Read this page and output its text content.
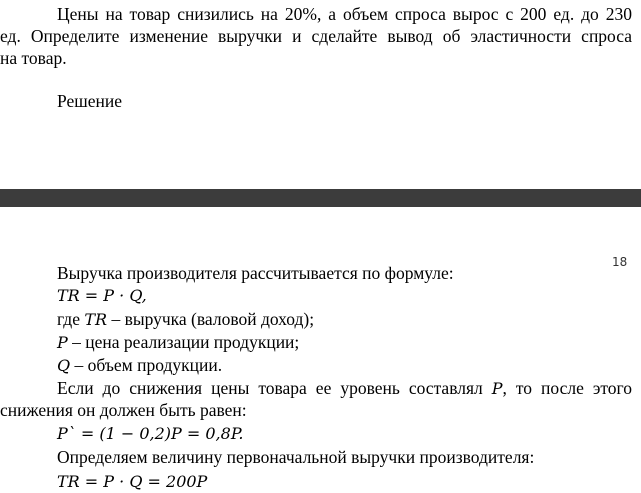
Цены на товар снизились на 20%, а объем спроса вырос с 200 ед. до 230
ед. Определите изменение выручки и сделайте вывод об эластичности спроса
на товар.
Решение
18
Выручка производителя рассчитывается по формуле:
TR = P · Q,
где TR – выручка (валовой доход);
P – цена реализации продукции;
Q – объем продукции.
Если до снижения цены товара ее уровень составлял P, то после этого
снижения он должен быть равен:
P` = (1 − 0,2)P = 0,8P.
Определяем величину первоначальной выручки производителя:
TR = P · Q = 200P
